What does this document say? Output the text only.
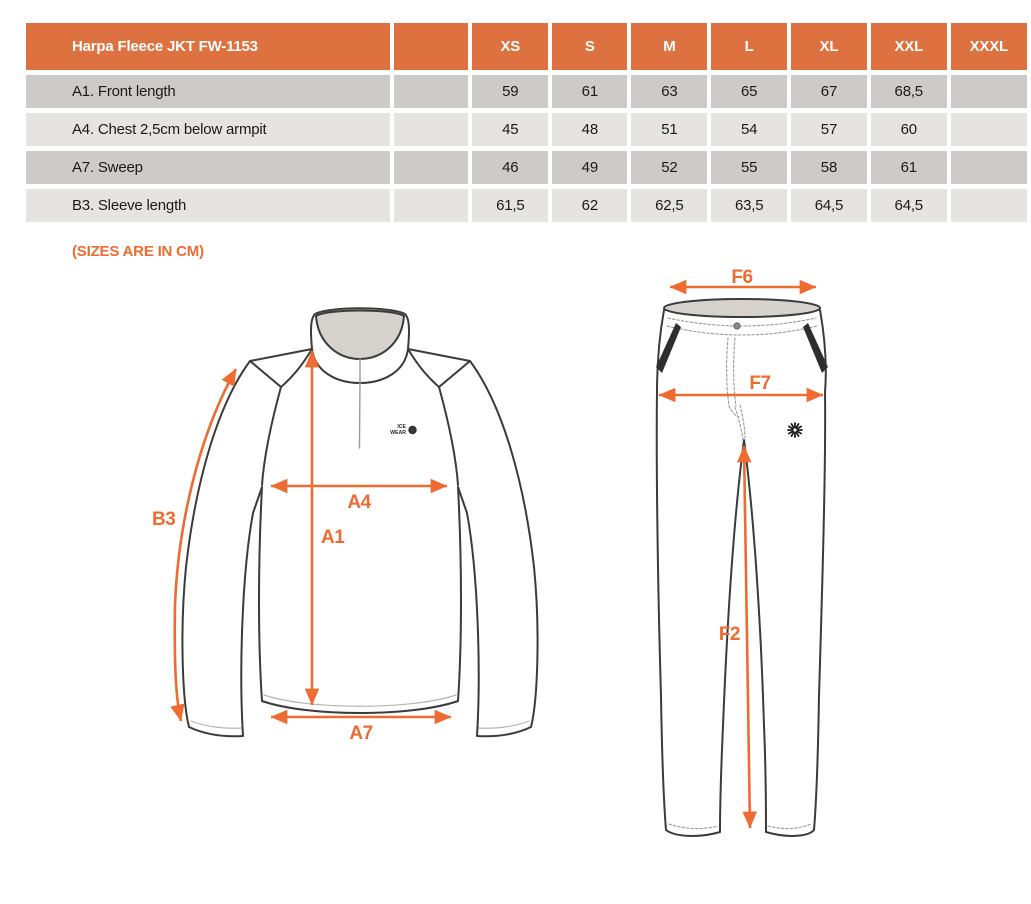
Harpa Fleece JKT FW-1153		XS	S	M	L	XL	XXL	XXXL
A1. Front length		59	61	63	65	67	68,5	
A4. Chest 2,5cm below armpit		45	48	51	54	57	60	
A7. Sweep		46	49	52	55	58	61	
B3. Sleeve length		61,5	62	62,5	63,5	64,5	64,5	

(SIZES ARE IN CM)

ICE
WEAR
B3
A4
A1
A7
F6
F7
F2
